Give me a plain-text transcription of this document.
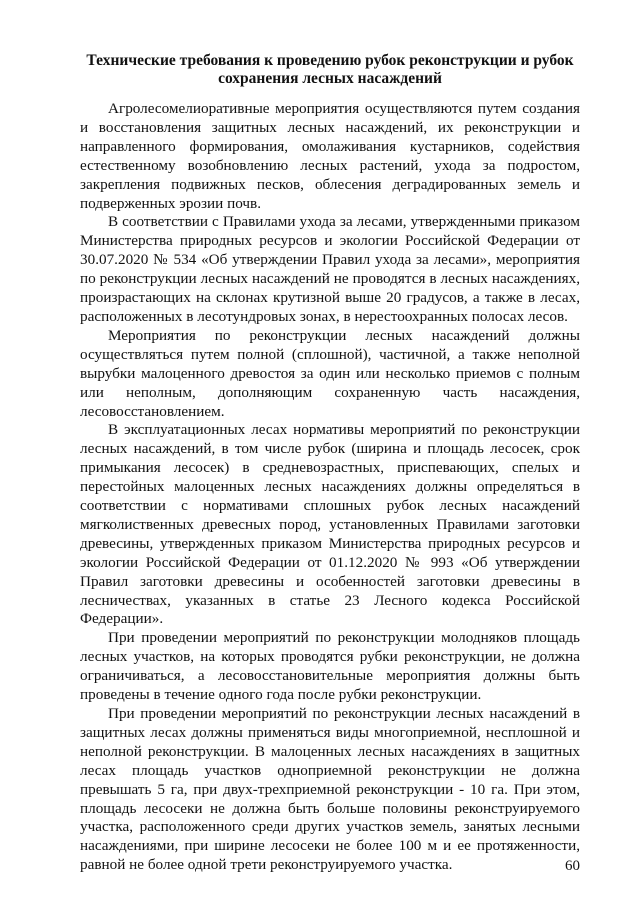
Технические требования к проведению рубок реконструкции и рубок сохранения лесных насаждений

Агролесомелиоративные мероприятия осуществляются путем создания и восстановления защитных лесных насаждений, их реконструкции и направленного формирования, омолаживания кустарников, содействия естественному возобновлению лесных растений, ухода за подростом, закрепления подвижных песков, облесения деградированных земель и подверженных эрозии почв.

В соответствии с Правилами ухода за лесами, утвержденными приказом Министерства природных ресурсов и экологии Российской Федерации от 30.07.2020 № 534 «Об утверждении Правил ухода за лесами», мероприятия по реконструкции лесных насаждений не проводятся в лесных насаждениях, произрастающих на склонах крутизной выше 20 градусов, а также в лесах, расположенных в лесотундровых зонах, в нерестоохранных полосах лесов.

Мероприятия по реконструкции лесных насаждений должны осуществляться путем полной (сплошной), частичной, а также неполной вырубки малоценного древостоя за один или несколько приемов с полным или неполным, дополняющим сохраненную часть насаждения, лесовосстановлением.

В эксплуатационных лесах нормативы мероприятий по реконструкции лесных насаждений, в том числе рубок (ширина и площадь лесосек, срок примыкания лесосек) в средневозрастных, приспевающих, спелых и перестойных малоценных лесных насаждениях должны определяться в соответствии с нормативами сплошных рубок лесных насаждений мягколиственных древесных пород, установленных Правилами заготовки древесины, утвержденных приказом Министерства природных ресурсов и экологии Российской Федерации от 01.12.2020 № 993 «Об утверждении Правил заготовки древесины и особенностей заготовки древесины в лесничествах, указанных в статье 23 Лесного кодекса Российской Федерации».

При проведении мероприятий по реконструкции молодняков площадь лесных участков, на которых проводятся рубки реконструкции, не должна ограничиваться, а лесовосстановительные мероприятия должны быть проведены в течение одного года после рубки реконструкции.

При проведении мероприятий по реконструкции лесных насаждений в защитных лесах должны применяться виды многоприемной, несплошной и неполной реконструкции. В малоценных лесных насаждениях в защитных лесах площадь участков одноприемной реконструкции не должна превышать 5 га, при двух-трехприемной реконструкции - 10 га. При этом, площадь лесосеки не должна быть больше половины реконструируемого участка, расположенного среди других участков земель, занятых лесными насаждениями, при ширине лесосеки не более 100 м и ее протяженности, равной не более одной трети реконструируемого участка.	60
